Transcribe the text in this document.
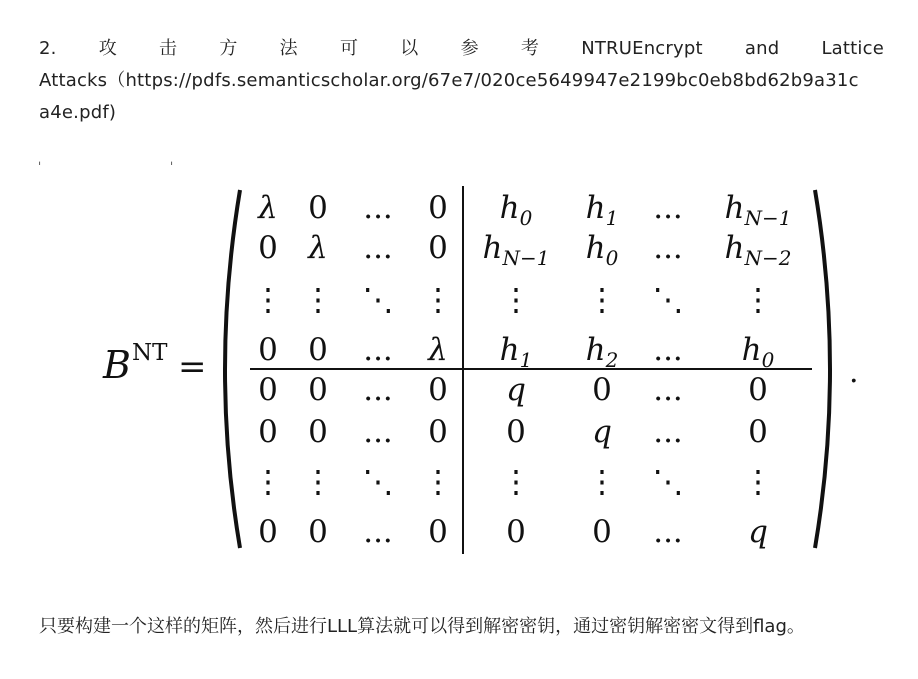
2. 攻 击 方 法 可 以 参 考 NTRUEncrypt and Lattice
Attacks（https://pdfs.semanticscholar.org/67e7/020ce5649947e2199bc0eb8bd62b9a31c
a4e.pdf)
ˌ	ˌ
B NT =	.
λ 0 ... 0 $h_0$ $h_1$ ... $h_{N-1}$
0 λ ... 0 $h_{N-1}$ $h_0$ ... $h_{N-2}$
⋮ ⋮ ⋱ ⋮ ⋮ ⋮ ⋱ ⋮
0 0 ... λ $h_1$ $h_2$ ... $h_0$
0 0 ... 0 q 0 ... 0
0 0 ... 0 0 q ... 0
⋮ ⋮ ⋱ ⋮ ⋮ ⋮ ⋱ ⋮
0 0 ... 0 0 0 ... q
只要构建一个这样的矩阵，然后进行LLL算法就可以得到解密密钥，通过密钥解密密文得到flag。
